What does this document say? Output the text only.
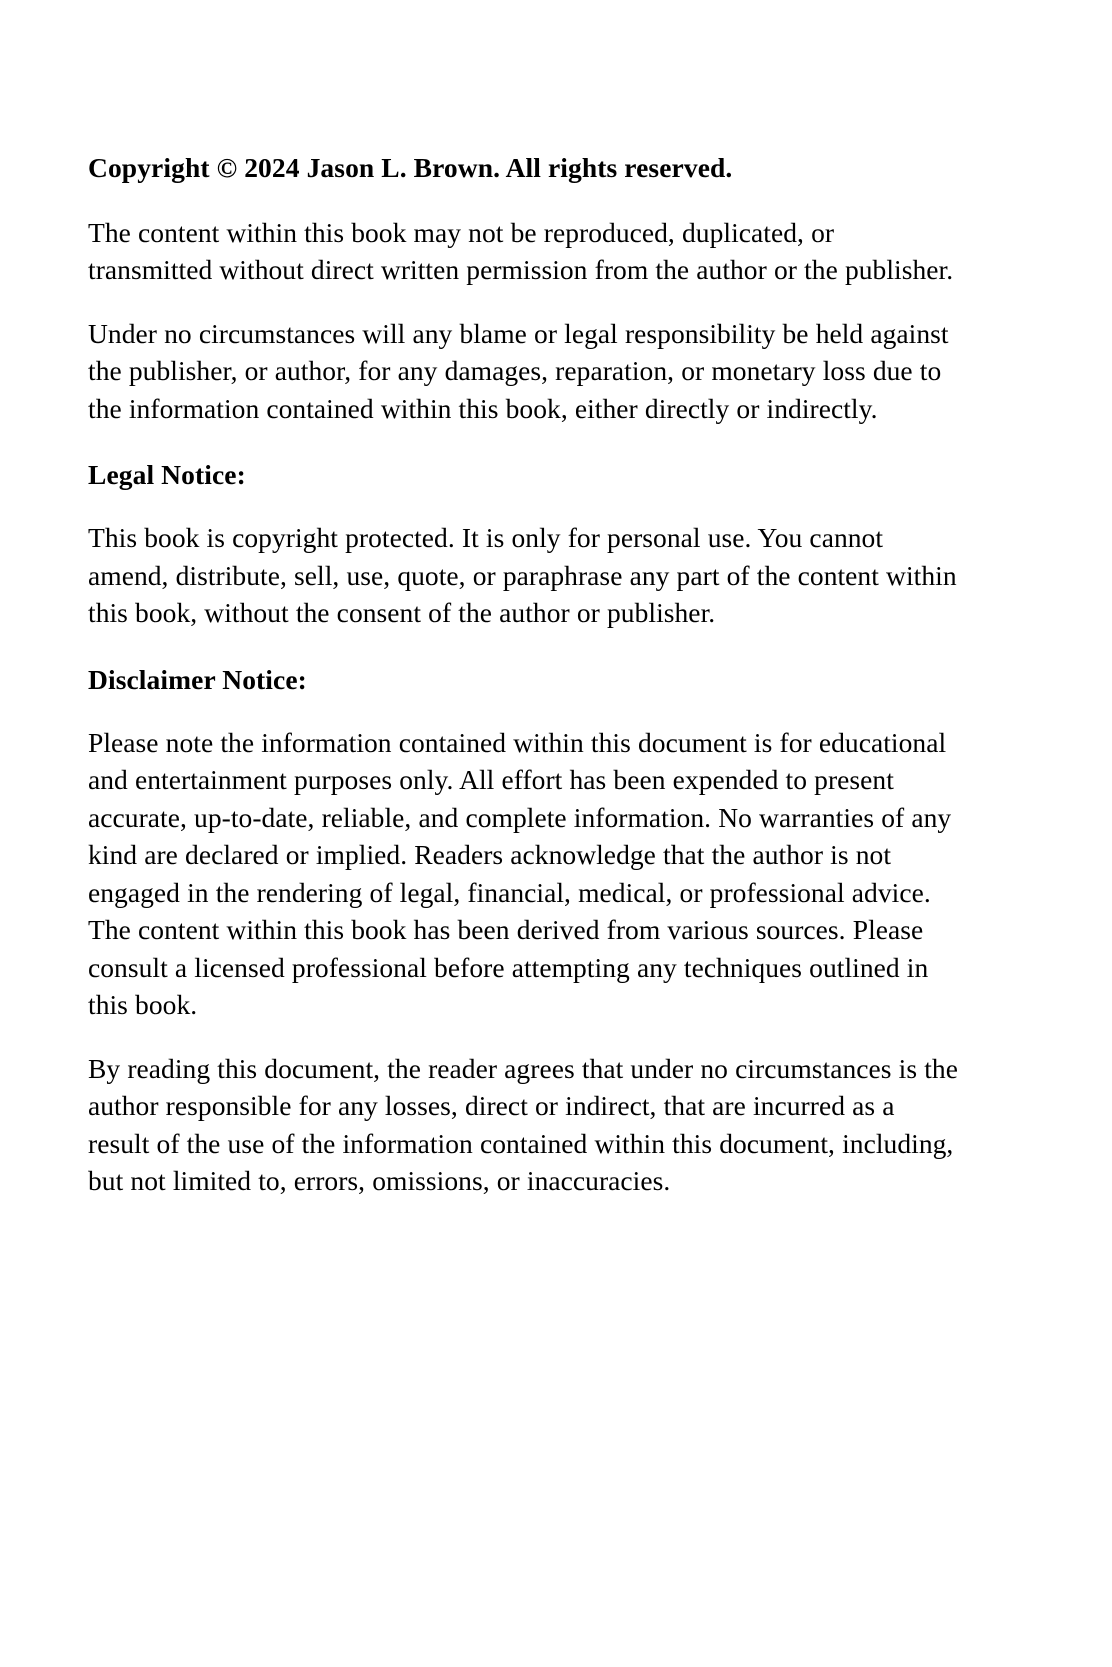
Copyright © 2024 Jason L. Brown. All rights reserved.

The content within this book may not be reproduced, duplicated, or transmitted without direct written permission from the author or the publisher.

Under no circumstances will any blame or legal responsibility be held against the publisher, or author, for any damages, reparation, or monetary loss due to the information contained within this book, either directly or indirectly.

Legal Notice:

This book is copyright protected. It is only for personal use. You cannot amend, distribute, sell, use, quote, or paraphrase any part of the content within this book, without the consent of the author or publisher.

Disclaimer Notice:

Please note the information contained within this document is for educational and entertainment purposes only. All effort has been expended to present accurate, up-to-date, reliable, and complete information. No warranties of any kind are declared or implied. Readers acknowledge that the author is not engaged in the rendering of legal, financial, medical, or professional advice. The content within this book has been derived from various sources. Please consult a licensed professional before attempting any techniques outlined in this book.

By reading this document, the reader agrees that under no circumstances is the author responsible for any losses, direct or indirect, that are incurred as a result of the use of the information contained within this document, including, but not limited to, errors, omissions, or inaccuracies.
